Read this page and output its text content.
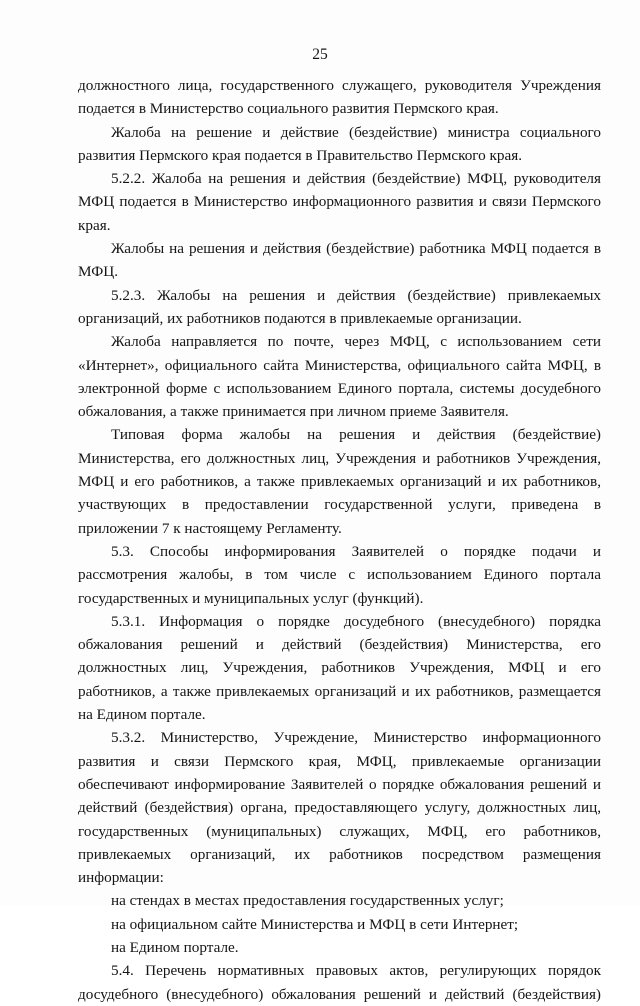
25

должностного лица, государственного служащего, руководителя Учреждения подается в Министерство социального развития Пермского края.

Жалоба на решение и действие (бездействие) министра социального развития Пермского края подается в Правительство Пермского края.

5.2.2. Жалоба на решения и действия (бездействие) МФЦ, руководителя МФЦ подается в Министерство информационного развития и связи Пермского края.

Жалобы на решения и действия (бездействие) работника МФЦ подается в МФЦ.

5.2.3. Жалобы на решения и действия (бездействие) привлекаемых организаций, их работников подаются в привлекаемые организации.

Жалоба направляется по почте, через МФЦ, с использованием сети «Интернет», официального сайта Министерства, официального сайта МФЦ, в электронной форме с использованием Единого портала, системы досудебного обжалования, а также принимается при личном приеме Заявителя.

Типовая форма жалобы на решения и действия (бездействие) Министерства, его должностных лиц, Учреждения и работников Учреждения, МФЦ и его работников, а также привлекаемых организаций и их работников, участвующих в предоставлении государственной услуги, приведена в приложении 7 к настоящему Регламенту.

5.3. Способы информирования Заявителей о порядке подачи и рассмотрения жалобы, в том числе с использованием Единого портала государственных и муниципальных услуг (функций).

5.3.1. Информация о порядке досудебного (внесудебного) порядка обжалования решений и действий (бездействия) Министерства, его должностных лиц, Учреждения, работников Учреждения, МФЦ и его работников, а также привлекаемых организаций и их работников, размещается на Едином портале.

5.3.2. Министерство, Учреждение, Министерство информационного развития и связи Пермского края, МФЦ, привлекаемые организации обеспечивают информирование Заявителей о порядке обжалования решений и действий (бездействия) органа, предоставляющего услугу, должностных лиц, государственных (муниципальных) служащих, МФЦ, его работников, привлекаемых организаций, их работников посредством размещения информации:

на стендах в местах предоставления государственных услуг;

на официальном сайте Министерства и МФЦ в сети Интернет;

на Едином портале.

5.4. Перечень нормативных правовых актов, регулирующих порядок досудебного (внесудебного) обжалования решений и действий (бездействия)
